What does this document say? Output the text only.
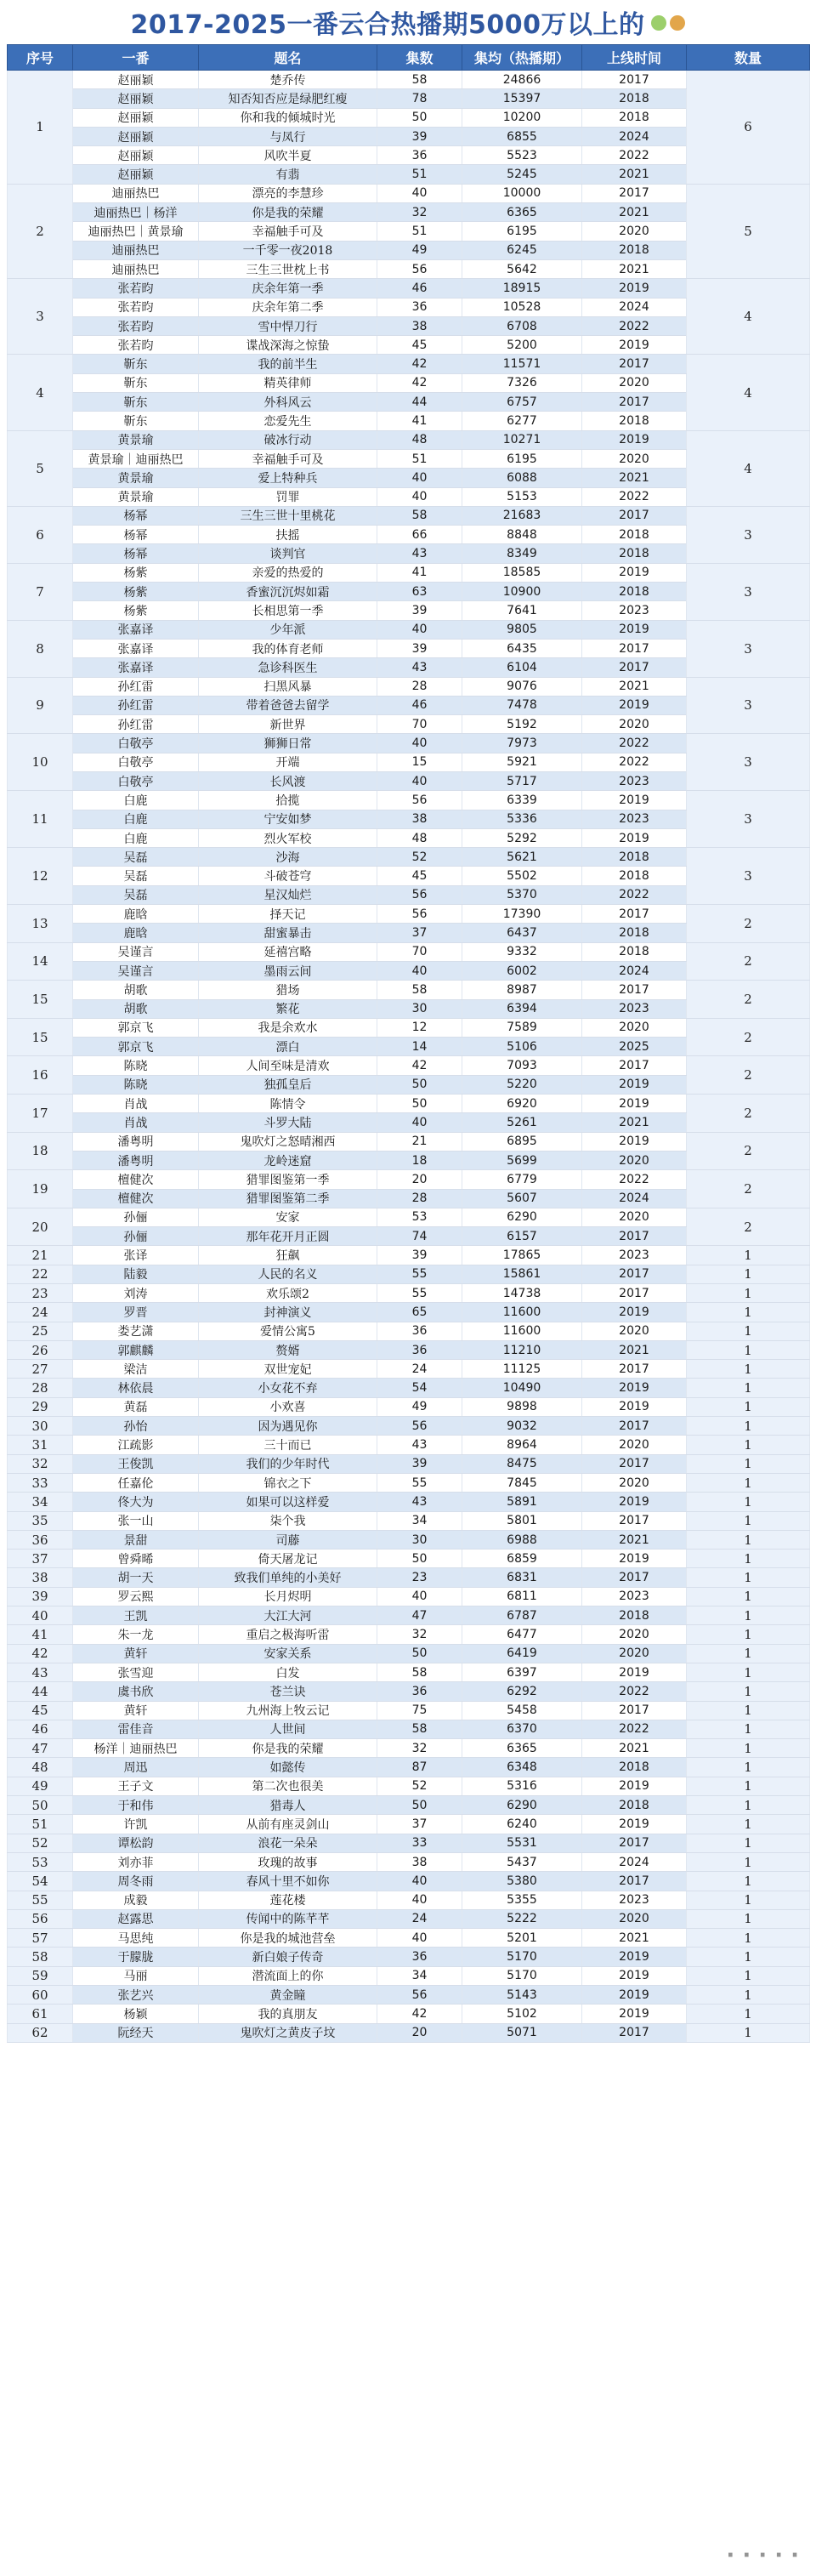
2017-2025一番云合热播期5000万以上的
序号	一番	题名	集数	集均（热播期）	上线时间	数量
1	赵丽颖	楚乔传	58	24866	2017	6
	赵丽颖	知否知否应是绿肥红瘦	78	15397	2018	
	赵丽颖	你和我的倾城时光	50	10200	2018	
	赵丽颖	与凤行	39	6855	2024	
	赵丽颖	风吹半夏	36	5523	2022	
	赵丽颖	有翡	51	5245	2021	
2	迪丽热巴	漂亮的李慧珍	40	10000	2017	5
	迪丽热巴｜杨洋	你是我的荣耀	32	6365	2021	
	迪丽热巴｜黄景瑜	幸福触手可及	51	6195	2020	
	迪丽热巴	一千零一夜2018	49	6245	2018	
	迪丽热巴	三生三世枕上书	56	5642	2021	
3	张若昀	庆余年第一季	46	18915	2019	4
	张若昀	庆余年第二季	36	10528	2024	
	张若昀	雪中悍刀行	38	6708	2022	
	张若昀	谍战深海之惊蛰	45	5200	2019	
4	靳东	我的前半生	42	11571	2017	4
	靳东	精英律师	42	7326	2020	
	靳东	外科风云	44	6757	2017	
	靳东	恋爱先生	41	6277	2018	
5	黄景瑜	破冰行动	48	10271	2019	4
	黄景瑜｜迪丽热巴	幸福触手可及	51	6195	2020	
	黄景瑜	爱上特种兵	40	6088	2021	
	黄景瑜	罚罪	40	5153	2022	
6	杨幂	三生三世十里桃花	58	21683	2017	3
	杨幂	扶摇	66	8848	2018	
	杨幂	谈判官	43	8349	2018	
7	杨紫	亲爱的热爱的	41	18585	2019	3
	杨紫	香蜜沉沉烬如霜	63	10900	2018	
	杨紫	长相思第一季	39	7641	2023	
8	张嘉译	少年派	40	9805	2019	3
	张嘉译	我的体育老师	39	6435	2017	
	张嘉译	急诊科医生	43	6104	2017	
9	孙红雷	扫黑风暴	28	9076	2021	3
	孙红雷	带着爸爸去留学	46	7478	2019	
	孙红雷	新世界	70	5192	2020	
10	白敬亭	狮狮日常	40	7973	2022	3
	白敬亭	开端	15	5921	2022	
	白敬亭	长风渡	40	5717	2023	
11	白鹿	拾揽	56	6339	2019	3
	白鹿	宁安如梦	38	5336	2023	
	白鹿	烈火军校	48	5292	2019	
12	吴磊	沙海	52	5621	2018	3
	吴磊	斗破苍穹	45	5502	2018	
	吴磊	星汉灿烂	56	5370	2022	
13	鹿晗	择天记	56	17390	2017	2
	鹿晗	甜蜜暴击	37	6437	2018	
14	吴谨言	延禧宫略	70	9332	2018	2
	吴谨言	墨雨云间	40	6002	2024	
15	胡歌	猎场	58	8987	2017	2
	胡歌	繁花	30	6394	2023	
15	郭京飞	我是余欢水	12	7589	2020	2
	郭京飞	漂白	14	5106	2025	
16	陈晓	人间至味是清欢	42	7093	2017	2
	陈晓	独孤皇后	50	5220	2019	
17	肖战	陈情令	50	6920	2019	2
	肖战	斗罗大陆	40	5261	2021	
18	潘粤明	鬼吹灯之怒晴湘西	21	6895	2019	2
	潘粤明	龙岭迷窟	18	5699	2020	
19	檀健次	猎罪图鉴第一季	20	6779	2022	2
	檀健次	猎罪图鉴第二季	28	5607	2024	
20	孙俪	安家	53	6290	2020	2
	孙俪	那年花开月正圆	74	6157	2017	
21	张译	狂飙	39	17865	2023	1
22	陆毅	人民的名义	55	15861	2017	1
23	刘涛	欢乐颂2	55	14738	2017	1
24	罗晋	封神演义	65	11600	2019	1
25	娄艺潇	爱情公寓5	36	11600	2020	1
26	郭麒麟	赘婿	36	11210	2021	1
27	梁洁	双世宠妃	24	11125	2017	1
28	林依晨	小女花不弃	54	10490	2019	1
29	黄磊	小欢喜	49	9898	2019	1
30	孙怡	因为遇见你	56	9032	2017	1
31	江疏影	三十而已	43	8964	2020	1
32	王俊凯	我们的少年时代	39	8475	2017	1
33	任嘉伦	锦衣之下	55	7845	2020	1
34	佟大为	如果可以这样爱	43	5891	2019	1
35	张一山	柒个我	34	5801	2017	1
36	景甜	司藤	30	6988	2021	1
37	曾舜晞	倚天屠龙记	50	6859	2019	1
38	胡一天	致我们单纯的小美好	23	6831	2017	1
39	罗云熙	长月烬明	40	6811	2023	1
40	王凯	大江大河	47	6787	2018	1
41	朱一龙	重启之极海听雷	32	6477	2020	1
42	黄轩	安家关系	50	6419	2020	1
43	张雪迎	白发	58	6397	2019	1
44	虞书欣	苍兰诀	36	6292	2022	1
45	黄轩	九州海上牧云记	75	5458	2017	1
46	雷佳音	人世间	58	6370	2022	1
47	杨洋｜迪丽热巴	你是我的荣耀	32	6365	2021	1
48	周迅	如懿传	87	6348	2018	1
49	王子文	第二次也很美	52	5316	2019	1
50	于和伟	猎毒人	50	6290	2018	1
51	许凯	从前有座灵剑山	37	6240	2019	1
52	谭松韵	浪花一朵朵	33	5531	2017	1
53	刘亦菲	玫瑰的故事	38	5437	2024	1
54	周冬雨	春风十里不如你	40	5380	2017	1
55	成毅	莲花楼	40	5355	2023	1
56	赵露思	传闻中的陈芊芊	24	5222	2020	1
57	马思纯	你是我的城池营垒	40	5201	2021	1
58	于朦胧	新白娘子传奇	36	5170	2019	1
59	马丽	潜流面上的你	34	5170	2019	1
60	张艺兴	黄金瞳	56	5143	2019	1
61	杨颖	我的真朋友	42	5102	2019	1
62	阮经天	鬼吹灯之黄皮子坟	20	5071	2017	1
· · · · ·
